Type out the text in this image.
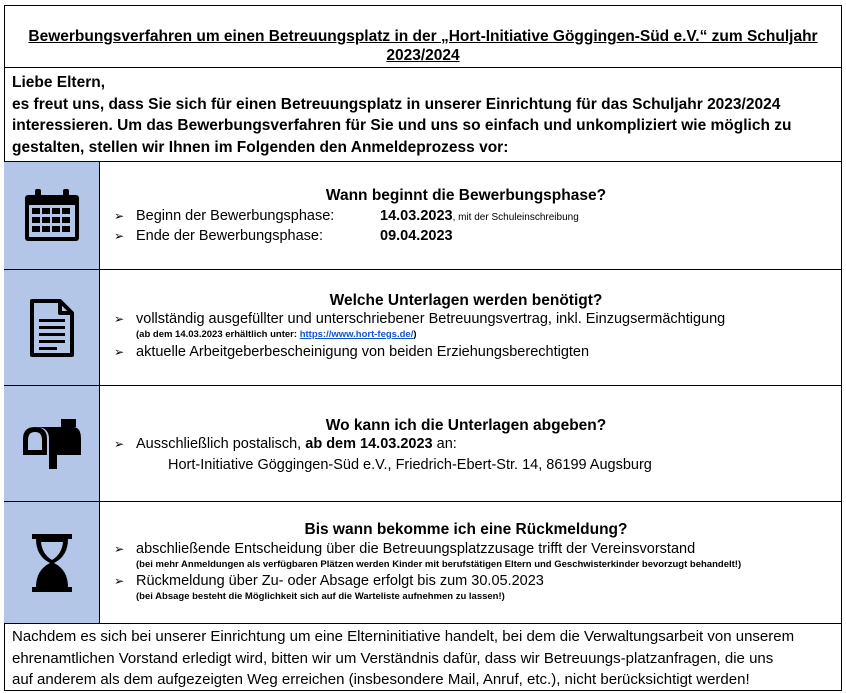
Bewerbungsverfahren um einen Betreuungsplatz in der „Hort-Initiative Göggingen-Süd e.V.“ zum Schuljahr
2023/2024

Liebe Eltern,

es freut uns, dass Sie sich für einen Betreuungsplatz in unserer Einrichtung für das Schuljahr 2023/2024

interessieren. Um das Bewerbungsverfahren für Sie und uns so einfach und unkompliziert wie möglich zu

gestalten, stellen wir Ihnen im Folgenden den Anmeldeprozess vor:

Wann beginnt die Bewerbungsphase?
➢ Beginn der Bewerbungsphase:	14.03.2023, mit der Schuleinschreibung
➢ Ende der Bewerbungsphase:	09.04.2023
Welche Unterlagen werden benötigt?
➢ vollständig ausgefüllter und unterschriebener Betreuungsvertrag, inkl. Einzugsermächtigung
(ab dem 14.03.2023 erhältlich unter: https://www.hort-fegs.de/)
➢ aktuelle Arbeitgeberbescheinigung von beiden Erziehungsberechtigten
Wo kann ich die Unterlagen abgeben?
➢ Ausschließlich postalisch, ab dem 14.03.2023 an:
Hort-Initiative Göggingen-Süd e.V., Friedrich-Ebert-Str. 14, 86199 Augsburg
Bis wann bekomme ich eine Rückmeldung?
➢ abschließende Entscheidung über die Betreuungsplatzzusage trifft der Vereinsvorstand
(bei mehr Anmeldungen als verfügbaren Plätzen werden Kinder mit berufstätigen Eltern und Geschwisterkinder bevorzugt behandelt!)
➢ Rückmeldung über Zu- oder Absage erfolgt bis zum 30.05.2023
(bei Absage besteht die Möglichkeit sich auf die Warteliste aufnehmen zu lassen!)

Nachdem es sich bei unserer Einrichtung um eine Elterninitiative handelt, bei dem die Verwaltungsarbeit von unserem

ehrenamtlichen Vorstand erledigt wird, bitten wir um Verständnis dafür, dass wir Betreuungs-platzanfragen, die uns

auf anderem als dem aufgezeigten Weg erreichen (insbesondere Mail, Anruf, etc.), nicht berücksichtigt werden!
